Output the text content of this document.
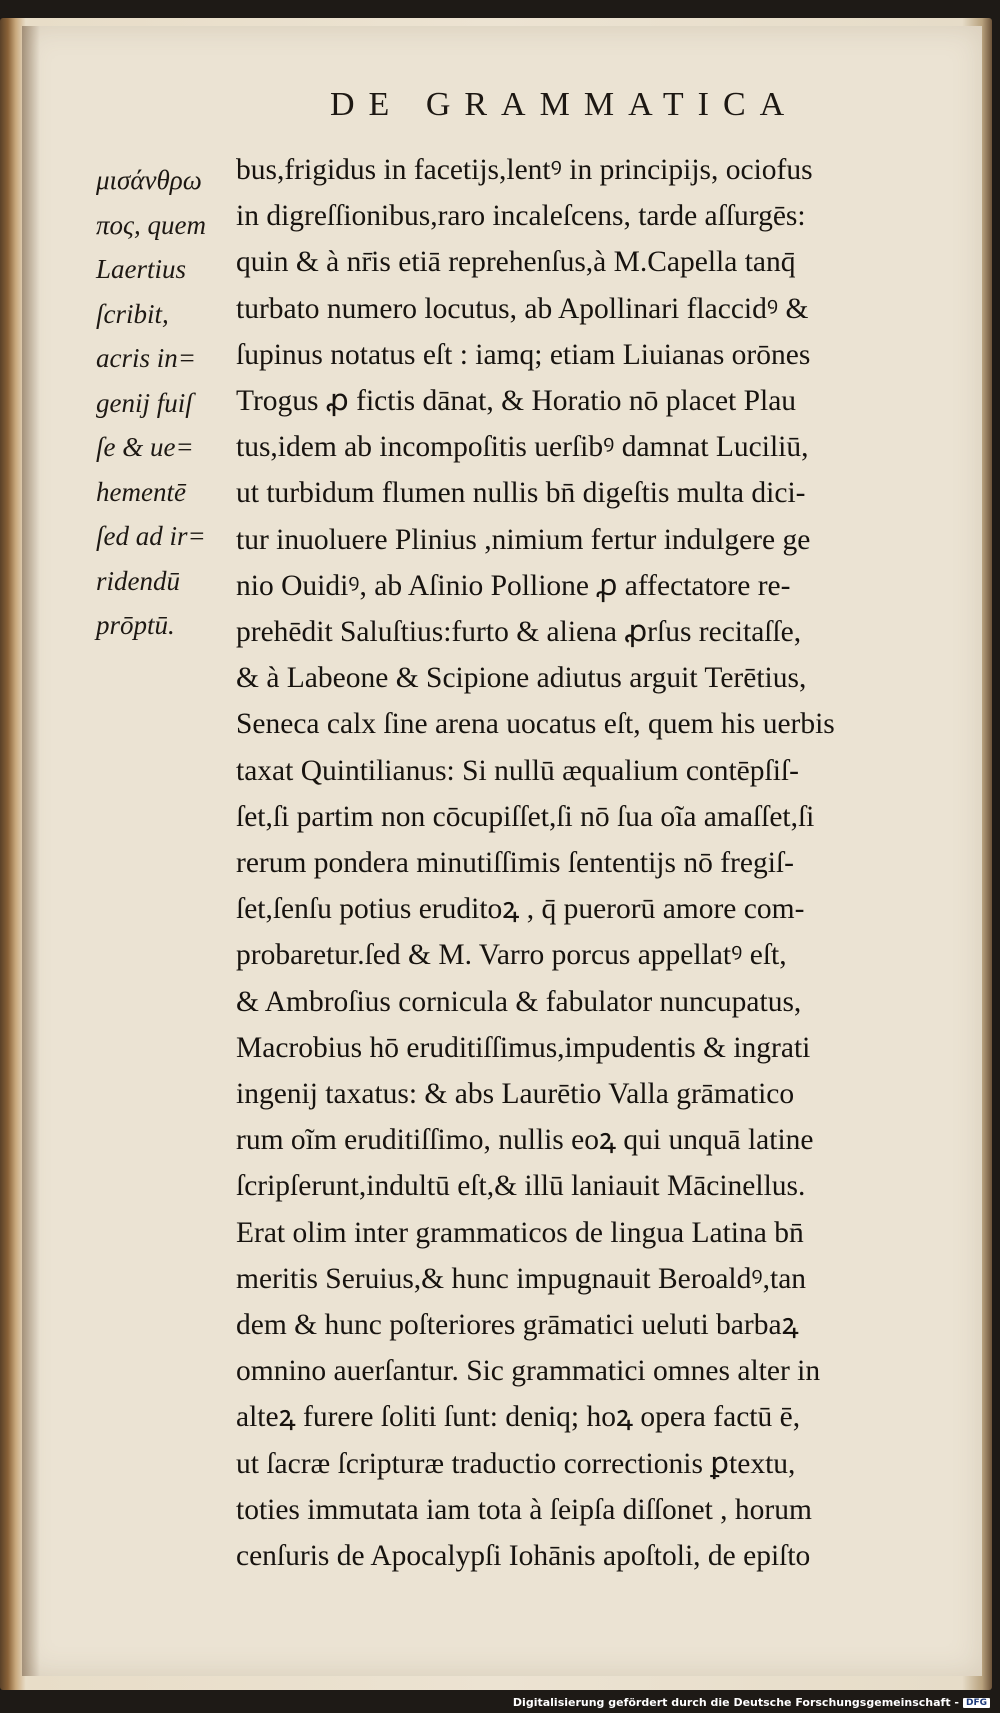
DE GRAMMATICA
μισάνθρω
πος, quem
Laertius
ſcribit,
acris in=
genij fuiſ
ſe & ue=
hementē
ſed ad ir=
ridendū
prōptū.
bus,frigidus in facetijs,lentꝰ in principijs, ociofus
in digreſſionibus,raro incaleſcens, tarde aſſurgēs:
quin & à nr̄is etiā reprehenſus,à M.Capella tanq̄
turbato numero locutus, ab Apollinari flaccidꝰ &
ſupinus notatus eſt : iamq; etiam Liuianas orōnes
Trogus ꝓ fictis dānat, & Horatio nō placet Plau
tus,idem ab incompoſitis uerſibꝰ damnat Luciliū,
ut turbidum flumen nullis bn̄ digeſtis multa dici-
tur inuoluere Plinius ,nimium fertur indulgere ge
nio Ouidiꝰ, ab Aſinio Pollione ꝓ affectatore re-
prehēdit Saluſtius:furto & aliena ꝓrſus recitaſſe,
& à Labeone & Scipione adiutus arguit Terētius,
Seneca calx ſine arena uocatus eſt, quem his uerbis
taxat Quintilianus: Si nullū æqualium contēpſiſ-
ſet,ſi partim non cōcupiſſet,ſi nō ſua oĩa amaſſet,ſi
rerum pondera minutiſſimis ſententijs nō fregiſ-
ſet,ſenſu potius eruditoꝝ , q̄ puerorū amore com-
probaretur.ſed & M. Varro porcus appellatꝰ eſt,
& Ambroſius cornicula & fabulator nuncupatus,
Macrobius hō eruditiſſimus,impudentis & ingrati
ingenij taxatus: & abs Laurētio Valla grāmatico
rum oĩm eruditiſſimo, nullis eoꝝ qui unquā latine
ſcripſerunt,indultū eſt,& illū laniauit Mācinellus.
Erat olim inter grammaticos de lingua Latina bn̄
meritis Seruius,& hunc impugnauit Beroaldꝰ,tan
dem & hunc poſteriores grāmatici ueluti barbaꝝ
omnino auerſantur. Sic grammatici omnes alter in
alteꝝ furere ſoliti ſunt: deniq; hoꝝ opera factū ē,
ut ſacræ ſcripturæ traductio correctionis ꝑtextu,
toties immutata iam tota à ſeipſa diſſonet , horum
cenſuris de Apocalypſi Iohānis apoſtoli, de epiſto
Digitalisierung gefördert durch die Deutsche Forschungsgemeinschaft - DFG
